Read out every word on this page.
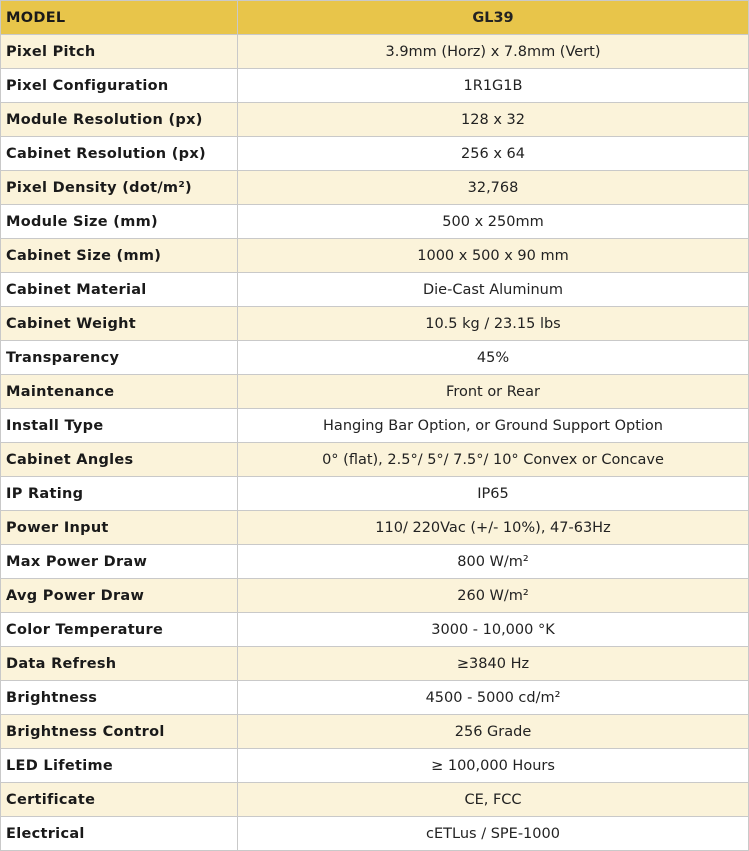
MODEL	GL39
Pixel Pitch	3.9mm (Horz) x 7.8mm (Vert)
Pixel Configuration	1R1G1B
Module Resolution (px)	128 x 32
Cabinet Resolution (px)	256 x 64
Pixel Density (dot/m²)	32,768
Module Size (mm)	500 x 250mm
Cabinet Size (mm)	1000 x 500 x 90 mm
Cabinet Material	Die-Cast Aluminum
Cabinet Weight	10.5 kg / 23.15 lbs
Transparency	45%
Maintenance	Front or Rear
Install Type	Hanging Bar Option, or Ground Support Option
Cabinet Angles	0° (flat), 2.5°/ 5°/ 7.5°/ 10° Convex or Concave
IP Rating	IP65
Power Input	110/ 220Vac (+/- 10%), 47-63Hz
Max Power Draw	800 W/m²
Avg Power Draw	260 W/m²
Color Temperature	3000 - 10,000 °K
Data Refresh	≥3840 Hz
Brightness	4500 - 5000 cd/m²
Brightness Control	256 Grade
LED Lifetime	≥ 100,000 Hours
Certificate	CE, FCC
Electrical	cETLus / SPE-1000
